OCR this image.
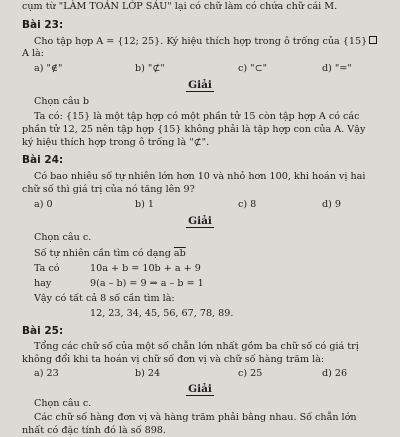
cụm từ "LÀM TOÁN LỚP SÁU" lại có chữ làm có chứa chữ cái M.
Bài 23:
Cho tập hợp A = {12; 25}. Ký hiệu thích hợp trong ô trống của {15}
A là:
a) "∉"	b) "⊄"	c) "⊂"	d) "="
Giải
Chọn câu b
Ta có: {15} là một tập hợp có một phần tử 15 còn tập hợp A có các
phần tử 12, 25 nên tập hợp {15} không phải là tập hợp con của A. Vậy
ký hiệu thích hợp trong ô trống là "⊄".
Bài 24:
Có bao nhiêu số tự nhiên lớn hơn 10 và nhỏ hơn 100, khi hoán vị hai
chữ số thì giá trị của nó tăng lên 9?
a) 0	b) 1	c) 8	d) 9
Giải
Chọn câu c.
Số tự nhiên cần tìm có dạng $\overline{ab}$
Ta có	10a + b = 10b + a + 9
hay	9(a – b) = 9 ⇒ a – b = 1
Vậy có tất cả 8 số cần tìm là:
12, 23, 34, 45, 56, 67, 78, 89.
Bài 25:
Tổng các chữ số của một số chẵn lớn nhất gồm ba chữ số có giá trị
không đổi khi ta hoán vị chữ số đơn vị và chữ số hàng trăm là:
a) 23	b) 24	c) 25	d) 26
Giải
Chọn câu c.
Các chữ số hàng đơn vị và hàng trăm phải bằng nhau. Số chẵn lớn
nhất có đặc tính đó là số 898.
